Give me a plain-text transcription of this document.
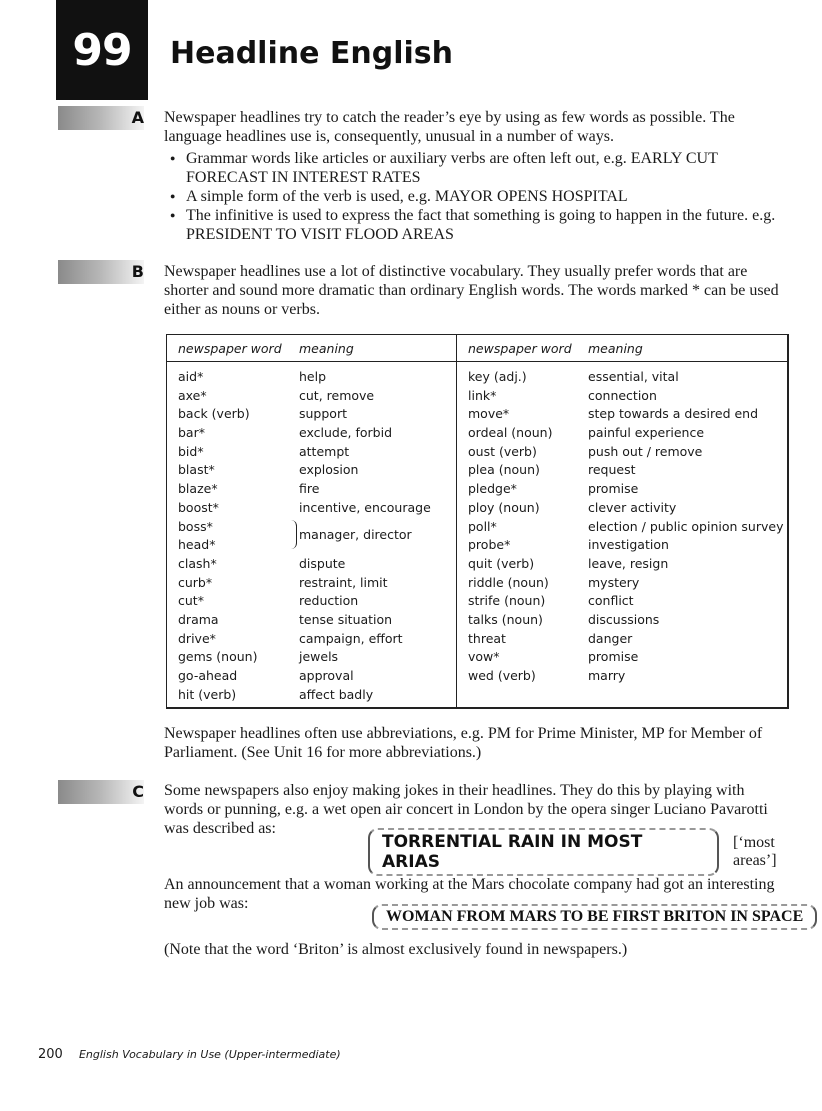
99 Headline English
A Newspaper headlines try to catch the reader’s eye by using as few words as possible. The language headlines use is, consequently, unusual in a number of ways.

● Grammar words like articles or auxiliary verbs are often left out, e.g. EARLY CUT FORECAST IN INTEREST RATES
● A simple form of the verb is used, e.g. MAYOR OPENS HOSPITAL
● The infinitive is used to express the fact that something is going to happen in the future. e.g. PRESIDENT TO VISIT FLOOD AREAS
B Newspaper headlines use a lot of distinctive vocabulary. They usually prefer words that are shorter and sound more dramatic than ordinary English words. The words marked * can be used either as nouns or verbs.

newspaper word
aid*
axe*
back (verb)
bar*
bid*
blast*
blaze*
boost*
boss*
head*
clash*
curb*
cut*
drama
drive*
gems (noun)
go-ahead
hit (verb)
manager, director
meaning
help
cut, remove
support
exclude, forbid
attempt
explosion
fire
incentive, encourage
dispute
restraint, limit
reduction
tense situation
campaign, effort
jewels
approval
affect badly
newspaper word
key (adj.)
link*
move*
ordeal (noun)
oust (verb)
plea (noun)
pledge*
ploy (noun)
poll*
probe*
quit (verb)
riddle (noun)
strife (noun)
talks (noun)
threat
vow*
wed (verb)
meaning
essential, vital
connection
step towards a desired end
painful experience
push out / remove
request
promise
clever activity
election / public opinion survey
investigation
leave, resign
mystery
conflict
discussions
danger
promise
marry

Newspaper headlines often use abbreviations, e.g. PM for Prime Minister, MP for Member of Parliament. (See Unit 16 for more abbreviations.)

C Some newspapers also enjoy making jokes in their headlines. They do this by playing with words or punning, e.g. a wet open air concert in London by the opera singer Luciano Pavarotti was described as:

TORRENTIAL RAIN IN MOST ARIAS
[‘most areas’]

An announcement that a woman working at the Mars chocolate company had got an interesting new job was:

WOMAN FROM MARS TO BE FIRST BRITON IN SPACE

(Note that the word ‘Briton’ is almost exclusively found in newspapers.)

200 English Vocabulary in Use (Upper-intermediate)
